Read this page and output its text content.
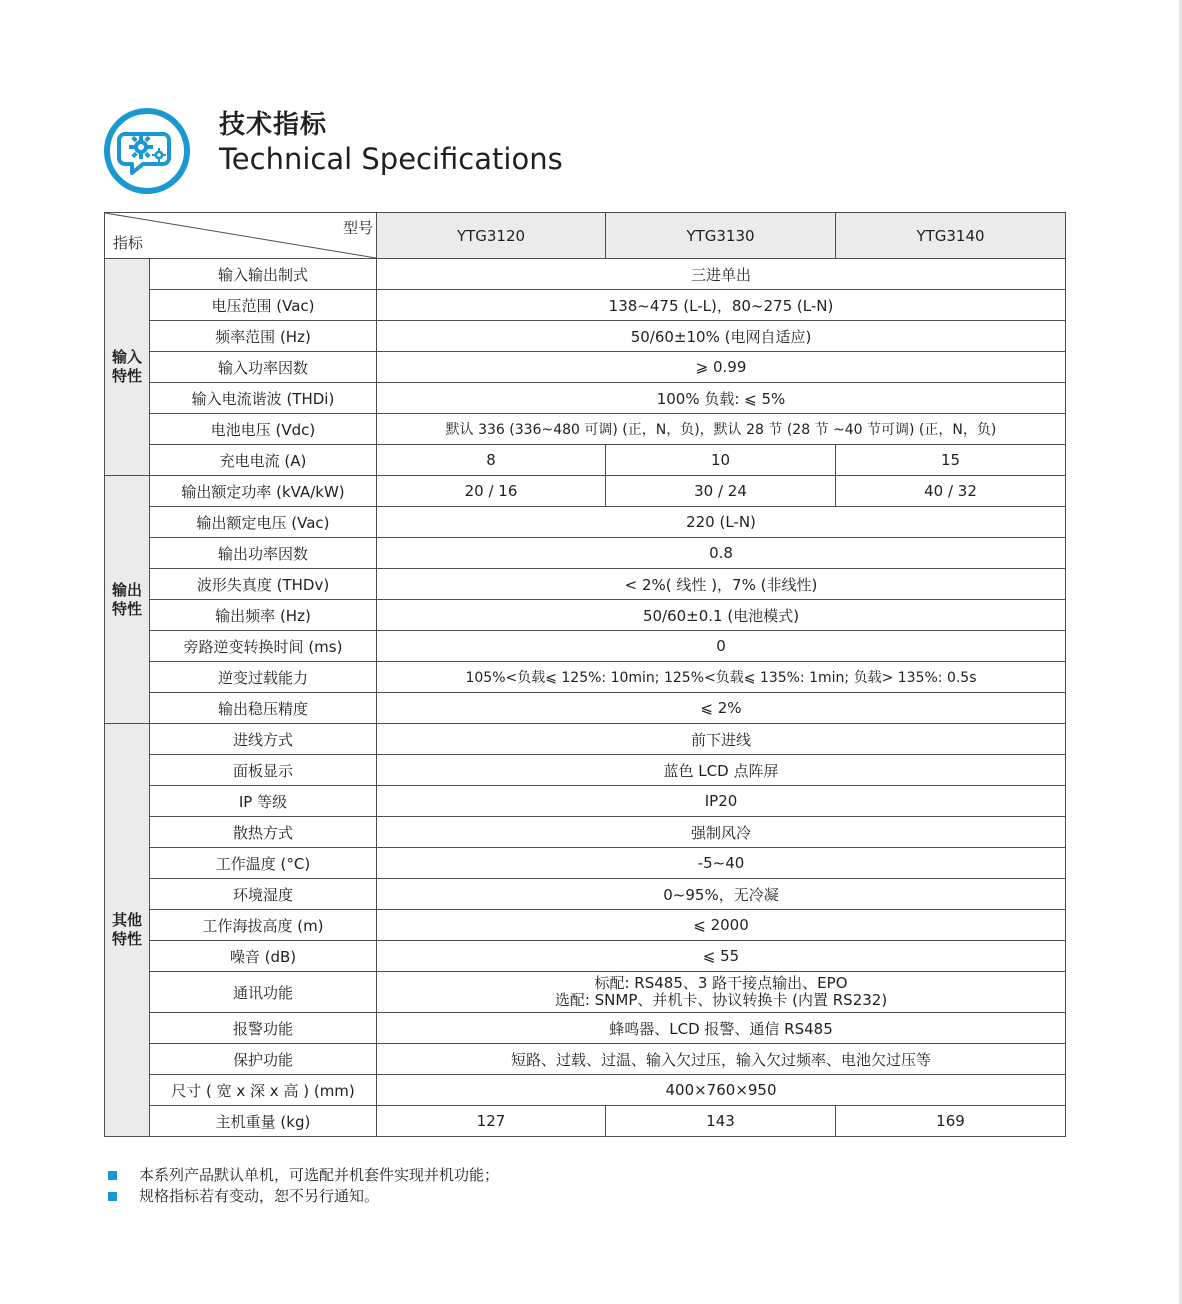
技术指标
Technical Specifications
型号
指标		YTG3120	YTG3130	YTG3140
输入
特性	输入输出制式	三进单出		
	电压范围 (Vac)	138~475 (L-L)，80~275 (L-N)		
	频率范围 (Hz)	50/60±10% (电网自适应)		
	输入功率因数	⩾ 0.99		
	输入电流谐波 (THDi)	100% 负载: ⩽ 5%		
	电池电压 (Vdc)	默认 336 (336~480 可调) (正，N，负)，默认 28 节 (28 节 ~40 节可调) (正，N，负)		
	充电电流 (A)	8	10	15
输出
特性	输出额定功率 (kVA/kW)	20 / 16	30 / 24	40 / 32
	输出额定电压 (Vac)	220 (L-N)		
	输出功率因数	0.8		
	波形失真度 (THDv)	< 2%( 线性 )，7% (非线性)		
	输出频率 (Hz)	50/60±0.1 (电池模式)		
	旁路逆变转换时间 (ms)	0		
	逆变过载能力	105%<负载⩽ 125%: 10min; 125%<负载⩽ 135%: 1min; 负载> 135%: 0.5s		
	输出稳压精度	⩽ 2%		
其他
特性	进线方式	前下进线		
	面板显示	蓝色 LCD 点阵屏		
	IP 等级	IP20		
	散热方式	强制风冷		
	工作温度 (°C)	-5~40		
	环境湿度	0~95%，无冷凝		
	工作海拔高度 (m)	⩽ 2000		
	噪音 (dB)	⩽ 55		
	通讯功能	标配: RS485、3 路干接点输出、EPO
选配: SNMP、并机卡、协议转换卡 (内置 RS232)		

	报警功能	蜂鸣器、LCD 报警、通信 RS485		
	保护功能	短路、过载、过温、输入欠过压，输入欠过频率、电池欠过压等		
	尺寸 ( 宽 x 深 x 高 ) (mm)	400×760×950		
	主机重量 (kg)	127	143	169
本系列产品默认单机，可选配并机套件实现并机功能；
规格指标若有变动，恕不另行通知。
